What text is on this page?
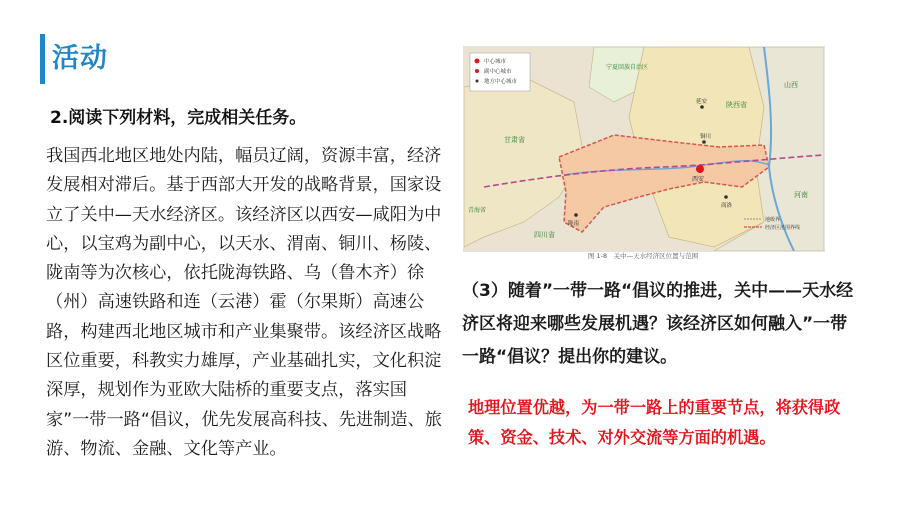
活动
2.阅读下列材料，完成相关任务。
我国西北地区地处内陆，幅员辽阔，资源丰富，经济发展相对滞后。基于西部大开发的战略背景，国家设立了关中—天水经济区。该经济区以西安—咸阳为中心，以宝鸡为副中心，以天水、渭南、铜川、杨陵、陇南等为次核心，依托陇海铁路、乌（鲁木齐）徐（州）高速铁路和连（云港）霍（尔果斯）高速公路，构建西北地区城市和产业集聚带。该经济区战略区位重要，科教实力雄厚，产业基础扎实，文化积淀深厚，规划作为亚欧大陆桥的重要支点，落实国家”一带一路“倡议，优先发展高科技、先进制造、旅游、物流、金融、文化等产业。
中心城市
副中心城市
地方中心城市
地级界
经济区范围界线
宁夏回族自治区
甘肃省
陕西省
山西
河南
四川省
青海省
西安
延安
铜川
商洛
陇南
图 1-8　关中—天水经济区位置与范围
（3）随着”一带一路“倡议的推进，关中——天水经济区将迎来哪些发展机遇？该经济区如何融入”一带一路“倡议？提出你的建议。
地理位置优越，为一带一路上的重要节点，将获得政策、资金、技术、对外交流等方面的机遇。
